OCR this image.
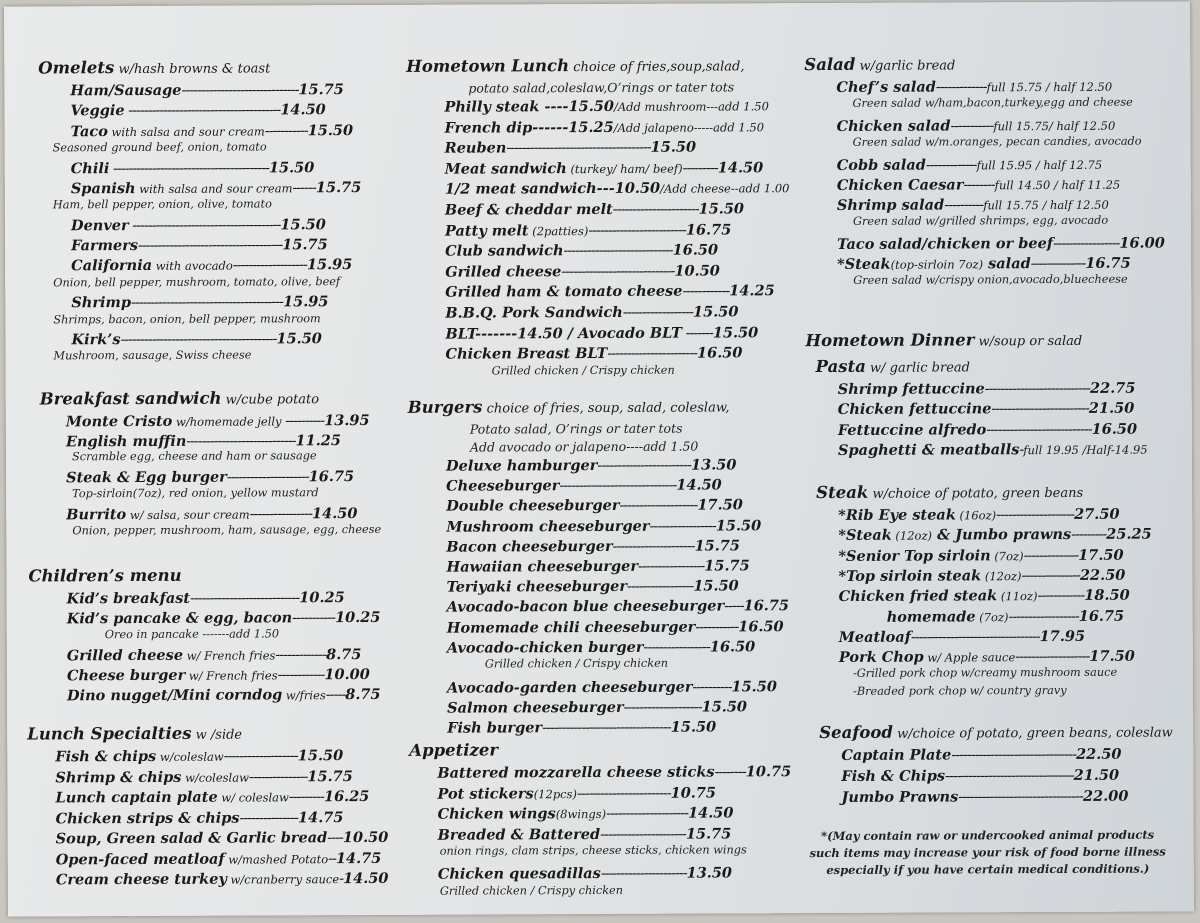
Omelets w/hash browns & toast
Ham/Sausage------------------------------15.75
Veggie ---------------------------------------14.50
Taco with salsa and sour cream-----------15.50
Seasoned ground beef, onion, tomato
Chili ----------------------------------------15.50
Spanish with salsa and sour cream------15.75
Ham, bell pepper, onion, olive, tomato
Denver --------------------------------------15.50
Farmers-------------------------------------15.75
California with avocado-------------------15.95
Onion, bell pepper, mushroom, tomato, olive, beef
Shrimp---------------------------------------15.95
Shrimps, bacon, onion, bell pepper, mushroom
Kirk’s----------------------------------------15.50
Mushroom, sausage, Swiss cheese
Breakfast sandwich w/cube potato
Monte Cristo w/homemade jelly ----------13.95
English muffin----------------------------11.25
Scramble egg, cheese and ham or sausage
Steak & Egg burger---------------------16.75
Top-sirloin(7oz), red onion, yellow mustard
Burrito w/ salsa, sour cream----------------14.50
Onion, pepper, mushroom, ham, sausage, egg, cheese
Children’s menu
Kid’s breakfast----------------------------10.25
Kid’s pancake & egg, bacon-----------10.25
Oreo in pancake -------add 1.50
Grilled cheese w/ French fries-------------8.75
Cheese burger w/ French fries------------10.00
Dino nugget/Mini corndog w/fries-----8.75
Lunch Specialties w /side
Fish & chips w/coleslaw-------------------15.50
Shrimp & chips w/coleslaw---------------15.75
Lunch captain plate w/ coleslaw---------16.25
Chicken strips & chips---------------14.75
Soup, Green salad & Garlic bread----10.50
Open-faced meatloaf w/mashed Potato--14.75
Cream cheese turkey w/cranberry sauce-14.50
Hometown Lunch choice of fries,soup,salad,
potato salad,coleslaw,O’rings or tater tots
Philly steak ----15.50/Add mushroom---add 1.50
French dip------15.25/Add jalapeno-----add 1.50
Reuben-------------------------------------15.50
Meat sandwich (turkey/ ham/ beef)---------14.50
1/2 meat sandwich---10.50/Add cheese--add 1.00
Beef & cheddar melt----------------------15.50
Patty melt (2patties)-------------------------16.75
Club sandwich----------------------------16.50
Grilled cheese-----------------------------10.50
Grilled ham & tomato cheese------------14.25
B.B.Q. Pork Sandwich------------------15.50
BLT-------14.50 / Avocado BLT -------15.50
Chicken Breast BLT-----------------------16.50
Grilled chicken / Crispy chicken
Burgers choice of fries, soup, salad, coleslaw,
Potato salad, O’rings or tater tots
Add avocado or jalapeno----add 1.50
Deluxe hamburger------------------------13.50
Cheeseburger------------------------------14.50
Double cheeseburger--------------------17.50
Mushroom cheeseburger-----------------15.50
Bacon cheeseburger---------------------15.75
Hawaiian cheeseburger-----------------15.75
Teriyaki cheeseburger-----------------15.50
Avocado-bacon blue cheeseburger-----16.75
Homemade chili cheeseburger-----------16.50
Avocado-chicken burger-----------------16.50
Grilled chicken / Crispy chicken
Avocado-garden cheeseburger----------15.50
Salmon cheeseburger--------------------15.50
Fish burger---------------------------------15.50
Appetizer
Battered mozzarella cheese sticks--------10.75
Pot stickers(12pcs)------------------------10.75
Chicken wings(8wings)---------------------14.50
Breaded & Battered----------------------15.75
onion rings, clam strips, cheese sticks, chicken wings
Chicken quesadillas----------------------13.50
Grilled chicken / Crispy chicken
Salad w/garlic bread
Chef’s salad-------------full 15.75 / half 12.50
Green salad w/ham,bacon,turkey,egg and cheese
Chicken salad-----------full 15.75/ half 12.50
Green salad w/m.oranges, pecan candies, avocado
Cobb salad-------------full 15.95 / half 12.75
Chicken Caesar--------full 14.50 / half 11.25
Shrimp salad----------full 15.75 / half 12.50
Green salad w/grilled shrimps, egg, avocado
Taco salad/chicken or beef-----------------16.00
*Steak(top-sirloin 7oz) salad--------------16.75
Green salad w/crispy onion,avocado,bluecheese
Hometown Dinner w/soup or salad
Pasta w/ garlic bread
Shrimp fettuccine---------------------------22.75
Chicken fettuccine-------------------------21.50
Fettuccine alfredo---------------------------16.50
Spaghetti & meatballs-full 19.95 /Half-14.95
Steak w/choice of potato, green beans
*Rib Eye steak (16oz)--------------------27.50
*Steak (12oz) & Jumbo prawns---------25.25
*Senior Top sirloin (7oz)--------------17.50
*Top sirloin steak (12oz)---------------22.50
Chicken fried steak (11oz)------------18.50
homemade (7oz)------------------16.75
Meatloaf---------------------------------17.95
Pork Chop w/ Apple sauce-------------------17.50
-Grilled pork chop w/creamy mushroom sauce
-Breaded pork chop w/ country gravy
Seafood w/choice of potato, green beans, coleslaw
Captain Plate--------------------------------22.50
Fish & Chips---------------------------------21.50
Jumbo Prawns--------------------------------22.00
*(May contain raw or undercooked animal products
such items may increase your risk of food borne illness
especially if you have certain medical conditions.)
